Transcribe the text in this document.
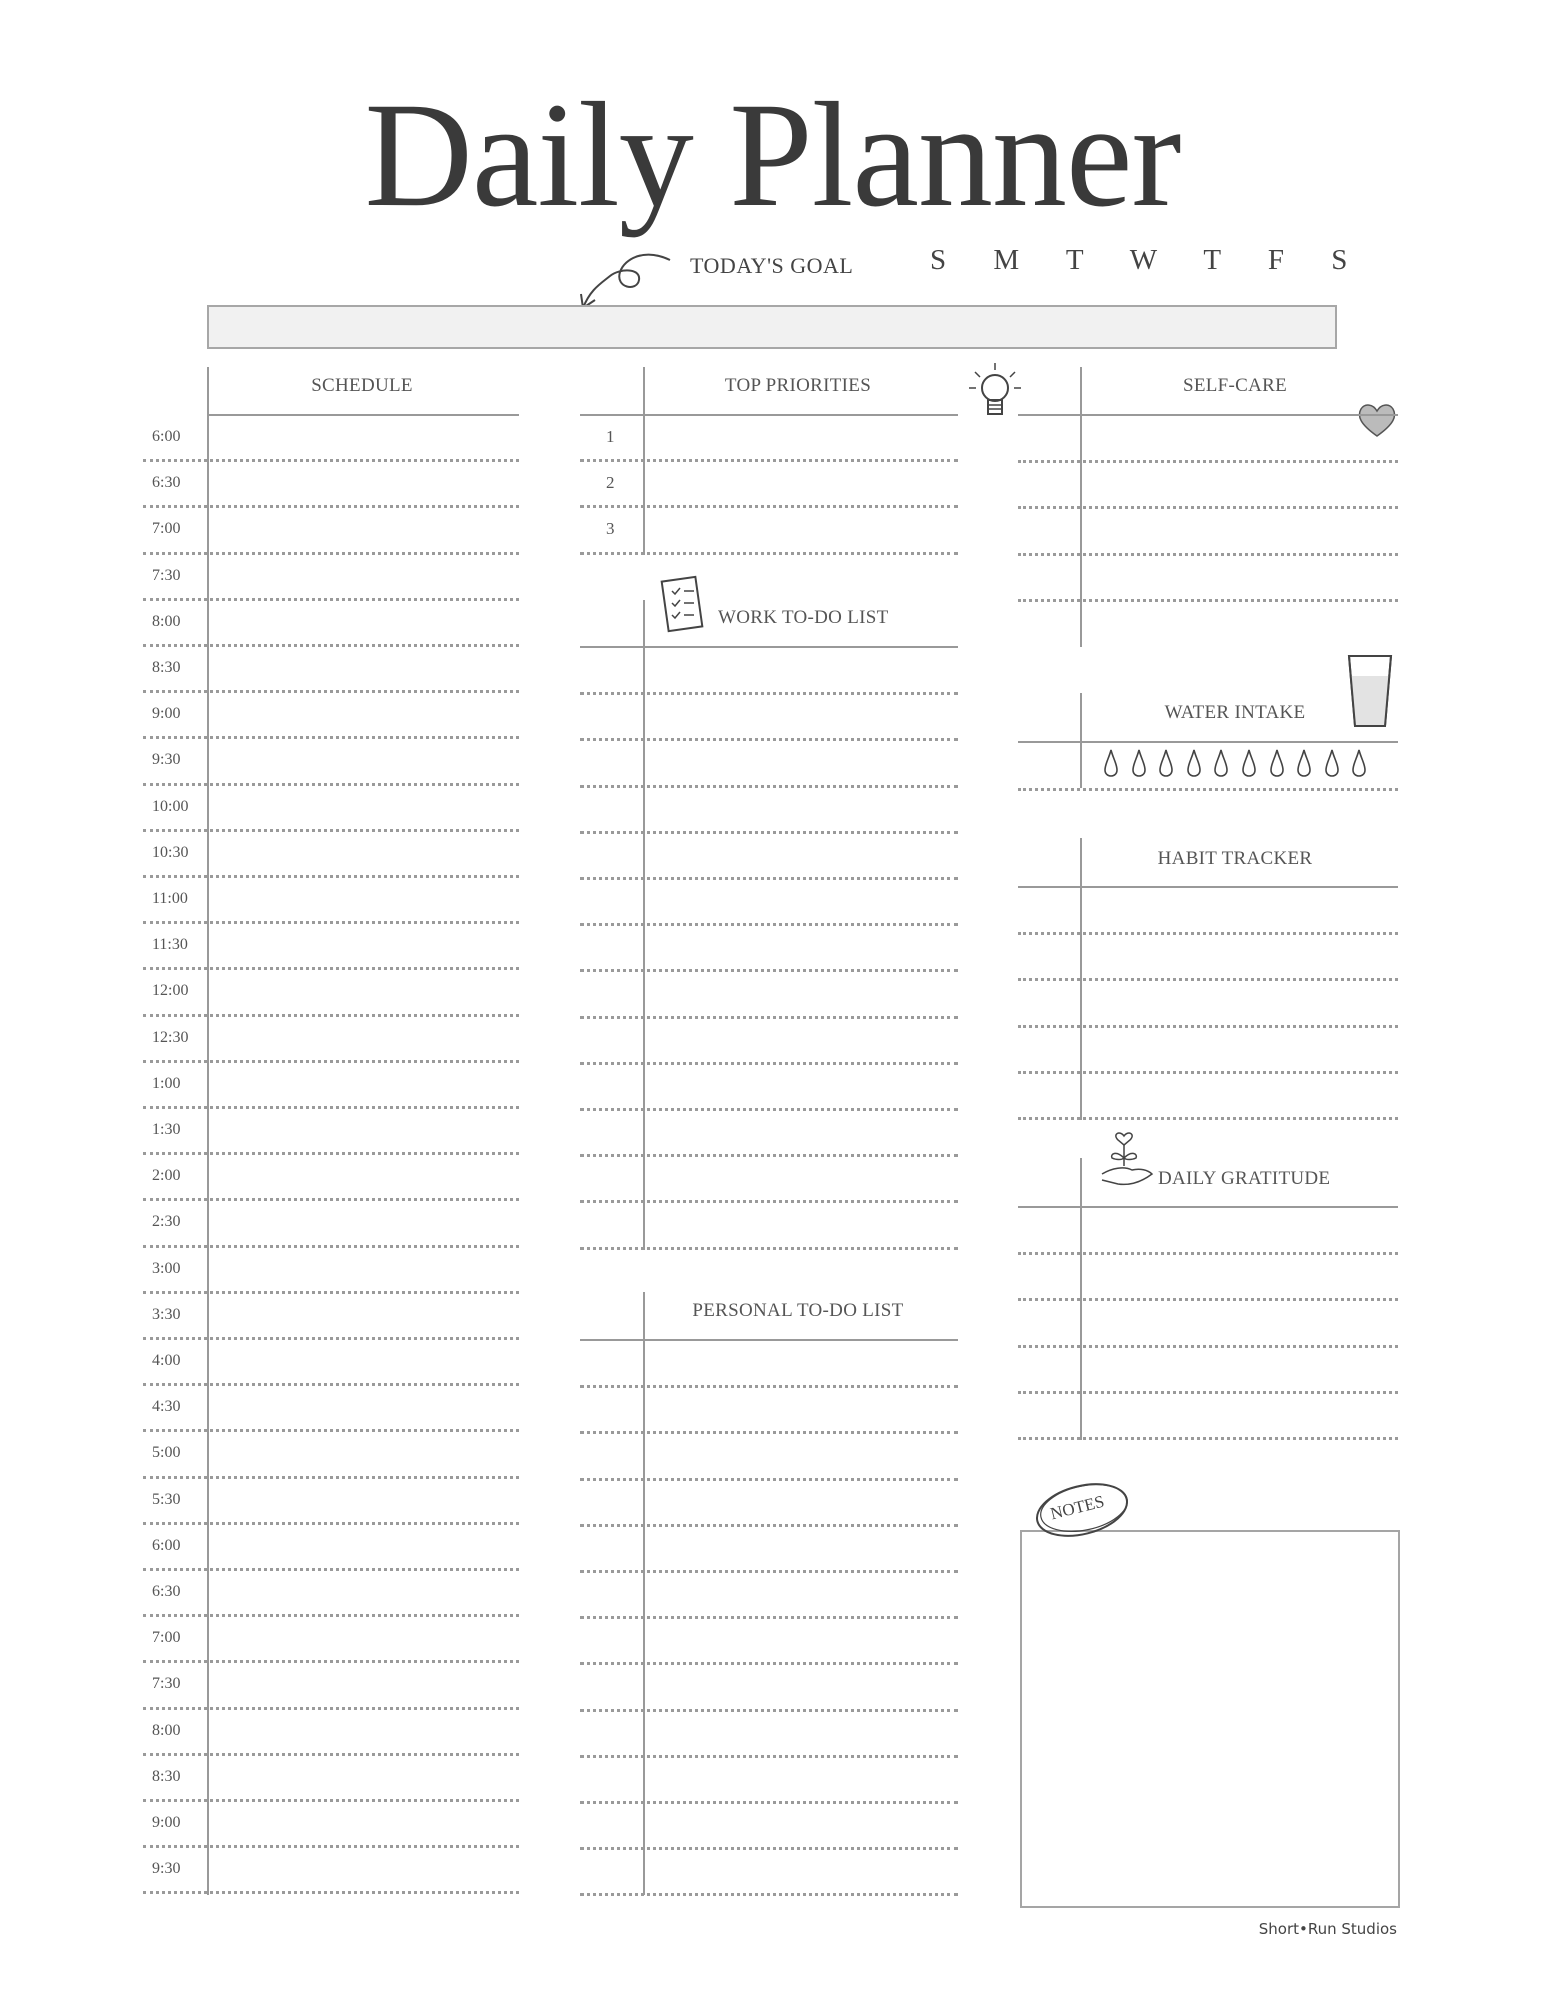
Daily Planner
TODAY'S GOAL	S M T W T F S
SCHEDULE	TOP PRIORITIES	SELF-CARE
WORK TO-DO LIST
PERSONAL TO-DO LIST
WATER INTAKE
HABIT TRACKER
DAILY GRATITUDE
NOTES
Short•Run Studios
6:00
6:30
7:00
7:30
8:00
8:30
9:00
9:30
10:00
10:30
11:00
11:30
12:00
12:30
1:00
1:30
2:00
2:30
3:00
3:30
4:00
4:30
5:00
5:30
6:00
6:30
7:00
7:30
8:00
8:30
9:00
9:30
1
2
3
